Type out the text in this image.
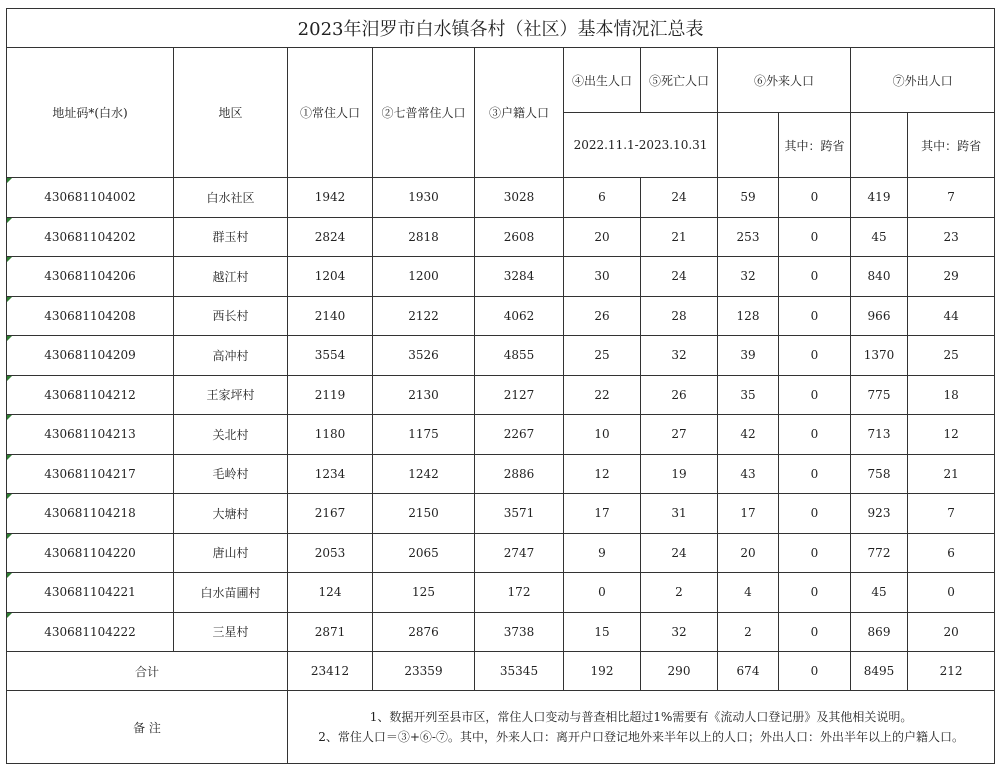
2023年汨罗市白水镇各村（社区）基本情况汇总表										
地址码*(白水)	地区	①常住人口	②七普常住人口	③户籍人口	④出生人口	⑤死亡人口	⑥外来人口		⑦外出人口	
					2022.11.1-2023.10.31			其中：跨省		其中：跨省
430681104002	白水社区	1942	1930	3028	6	24	59	0	419	7
430681104202	群玉村	2824	2818	2608	20	21	253	0	45	23
430681104206	越江村	1204	1200	3284	30	24	32	0	840	29
430681104208	西长村	2140	2122	4062	26	28	128	0	966	44
430681104209	高冲村	3554	3526	4855	25	32	39	0	1370	25
430681104212	王家坪村	2119	2130	2127	22	26	35	0	775	18
430681104213	关北村	1180	1175	2267	10	27	42	0	713	12
430681104217	毛岭村	1234	1242	2886	12	19	43	0	758	21
430681104218	大塘村	2167	2150	3571	17	31	17	0	923	7
430681104220	唐山村	2053	2065	2747	9	24	20	0	772	6
430681104221	白水苗圃村	124	125	172	0	2	4	0	45	0
430681104222	三星村	2871	2876	3738	15	32	2	0	869	20
合计		23412	23359	35345	192	290	674	0	8495	212
备 注		1、数据开列至县市区，常住人口变动与普查相比超过1%需要有《流动人口登记册》及其他相关说明。
2、常住人口＝③+⑥-⑦。其中，外来人口：离开户口登记地外来半年以上的人口；外出人口：外出半年以上的户籍人口。								
